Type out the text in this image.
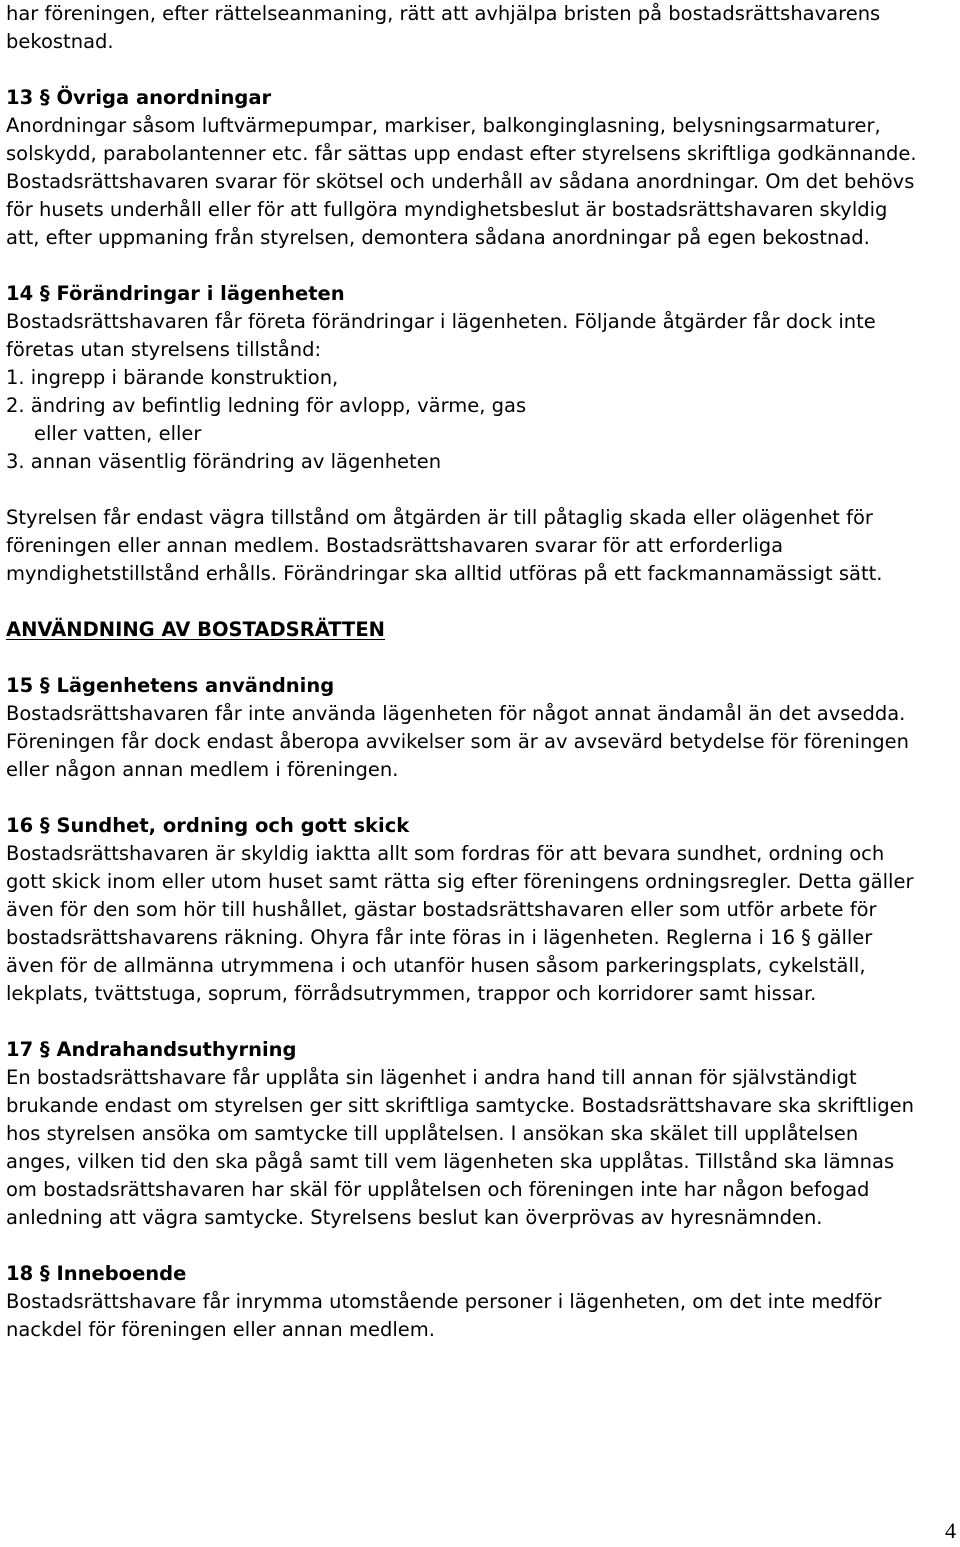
har föreningen, efter rättelseanmaning, rätt att avhjälpa bristen på bostadsrättshavarens
bekostnad.
13 § Övriga anordningar
Anordningar såsom luftvärmepumpar, markiser, balkonginglasning, belysningsarmaturer,
solskydd, parabolantenner etc. får sättas upp endast efter styrelsens skriftliga godkännande.
Bostadsrättshavaren svarar för skötsel och underhåll av sådana anordningar. Om det behövs
för husets underhåll eller för att fullgöra myndighetsbeslut är bostadsrättshavaren skyldig
att, efter uppmaning från styrelsen, demontera sådana anordningar på egen bekostnad.
14 § Förändringar i lägenheten
Bostadsrättshavaren får företa förändringar i lägenheten. Följande åtgärder får dock inte
företas utan styrelsens tillstånd:
1. ingrepp i bärande konstruktion,
2. ändring av befintlig ledning för avlopp, värme, gas
eller vatten, eller
3. annan väsentlig förändring av lägenheten
Styrelsen får endast vägra tillstånd om åtgärden är till påtaglig skada eller olägenhet för
föreningen eller annan medlem. Bostadsrättshavaren svarar för att erforderliga
myndighetstillstånd erhålls. Förändringar ska alltid utföras på ett fackmannamässigt sätt.
ANVÄNDNING AV BOSTADSRÄTTEN
15 § Lägenhetens användning
Bostadsrättshavaren får inte använda lägenheten för något annat ändamål än det avsedda.
Föreningen får dock endast åberopa avvikelser som är av avsevärd betydelse för föreningen
eller någon annan medlem i föreningen.
16 § Sundhet, ordning och gott skick
Bostadsrättshavaren är skyldig iaktta allt som fordras för att bevara sundhet, ordning och
gott skick inom eller utom huset samt rätta sig efter föreningens ordningsregler. Detta gäller
även för den som hör till hushållet, gästar bostadsrättshavaren eller som utför arbete för
bostadsrättshavarens räkning. Ohyra får inte föras in i lägenheten. Reglerna i 16 § gäller
även för de allmänna utrymmena i och utanför husen såsom parkeringsplats, cykelställ,
lekplats, tvättstuga, soprum, förrådsutrymmen, trappor och korridorer samt hissar.
17 § Andrahandsuthyrning
En bostadsrättshavare får upplåta sin lägenhet i andra hand till annan för självständigt
brukande endast om styrelsen ger sitt skriftliga samtycke. Bostadsrättshavare ska skriftligen
hos styrelsen ansöka om samtycke till upplåtelsen. I ansökan ska skälet till upplåtelsen
anges, vilken tid den ska pågå samt till vem lägenheten ska upplåtas. Tillstånd ska lämnas
om bostadsrättshavaren har skäl för upplåtelsen och föreningen inte har någon befogad
anledning att vägra samtycke. Styrelsens beslut kan överprövas av hyresnämnden.
18 § Inneboende
Bostadsrättshavare får inrymma utomstående personer i lägenheten, om det inte medför
nackdel för föreningen eller annan medlem.
4
